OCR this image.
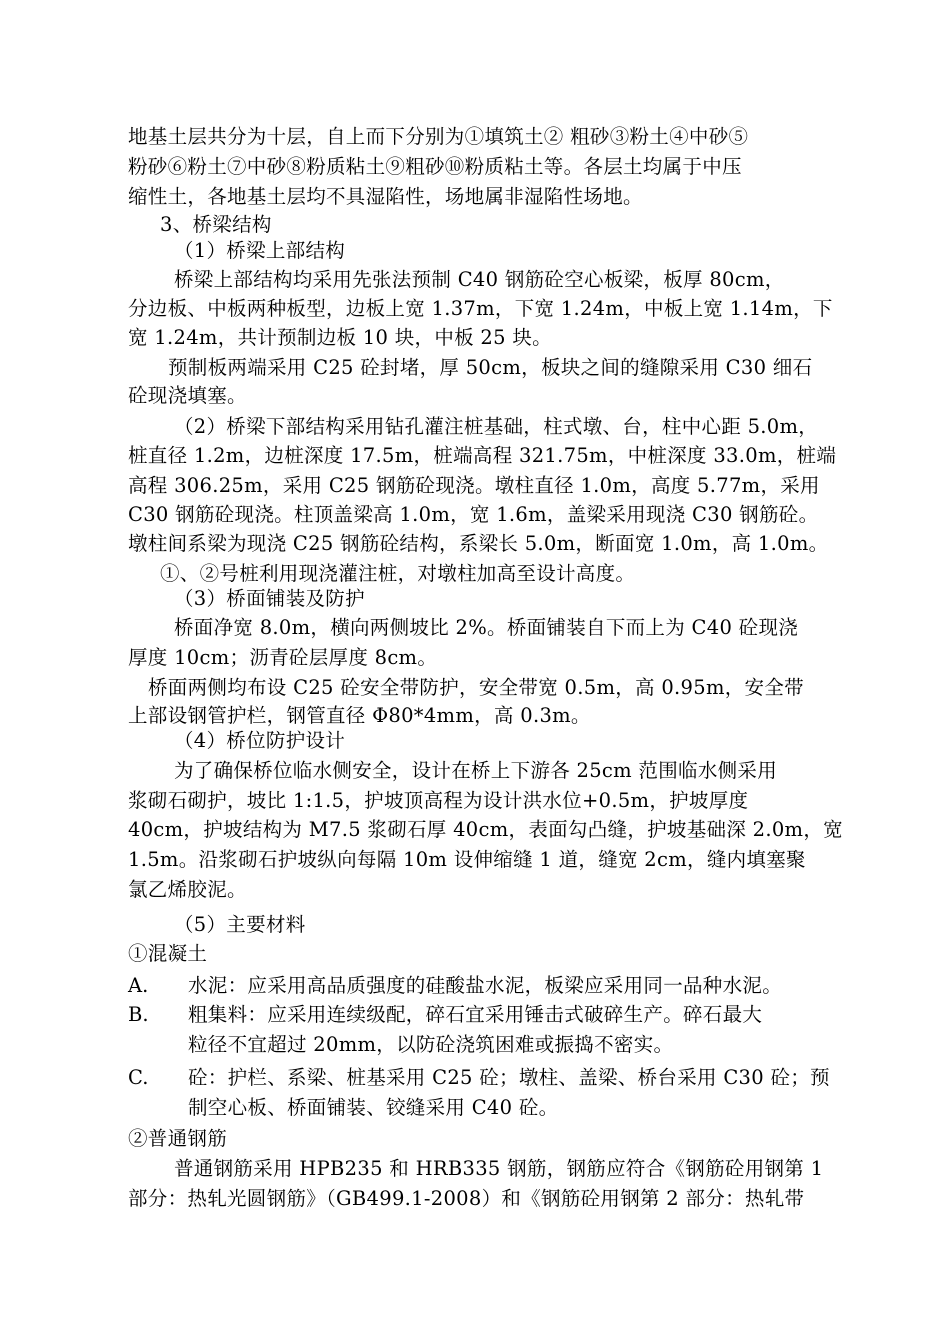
地基土层共分为十层，自上而下分别为①填筑土② 粗砂③粉土④中砂⑤
粉砂⑥粉土⑦中砂⑧粉质粘土⑨粗砂⑩粉质粘土等。各层土均属于中压
缩性土，各地基土层均不具湿陷性，场地属非湿陷性场地。
3、桥梁结构
（1）桥梁上部结构
桥梁上部结构均采用先张法预制 C40 钢筋砼空心板梁，板厚 80cm，
分边板、中板两种板型，边板上宽 1.37m，下宽 1.24m，中板上宽 1.14m，下
宽 1.24m，共计预制边板 10 块，中板 25 块。
预制板两端采用 C25 砼封堵，厚 50cm，板块之间的缝隙采用 C30 细石
砼现浇填塞。
（2）桥梁下部结构采用钻孔灌注桩基础，柱式墩、台，柱中心距 5.0m，
桩直径 1.2m，边桩深度 17.5m，桩端高程 321.75m，中桩深度 33.0m，桩端
高程 306.25m，采用 C25 钢筋砼现浇。墩柱直径 1.0m，高度 5.77m，采用
C30 钢筋砼现浇。柱顶盖梁高 1.0m，宽 1.6m，盖梁采用现浇 C30 钢筋砼。
墩柱间系梁为现浇 C25 钢筋砼结构，系梁长 5.0m，断面宽 1.0m，高 1.0m。
①、②号桩利用现浇灌注桩，对墩柱加高至设计高度。
（3）桥面铺装及防护
桥面净宽 8.0m，横向两侧坡比 2%。桥面铺装自下而上为 C40 砼现浇
厚度 10cm；沥青砼层厚度 8cm。
桥面两侧均布设 C25 砼安全带防护，安全带宽 0.5m，高 0.95m，安全带
上部设钢管护栏，钢管直径 Φ80*4mm，高 0.3m。
（4）桥位防护设计
为了确保桥位临水侧安全，设计在桥上下游各 25cm 范围临水侧采用
浆砌石砌护，坡比 1:1.5，护坡顶高程为设计洪水位+0.5m，护坡厚度
40cm，护坡结构为 M7.5 浆砌石厚 40cm，表面勾凸缝，护坡基础深 2.0m，宽
1.5m。沿浆砌石护坡纵向每隔 10m 设伸缩缝 1 道，缝宽 2cm，缝内填塞聚
氯乙烯胶泥。
（5）主要材料
①混凝土
A. 水泥：应采用高品质强度的硅酸盐水泥，板梁应采用同一品种水泥。
B. 粗集料：应采用连续级配，碎石宜采用锤击式破碎生产。碎石最大
粒径不宜超过 20mm，以防砼浇筑困难或振捣不密实。
C. 砼：护栏、系梁、桩基采用 C25 砼；墩柱、盖梁、桥台采用 C30 砼；预
制空心板、桥面铺装、铰缝采用 C40 砼。
②普通钢筋
普通钢筋采用 HPB235 和 HRB335 钢筋，钢筋应符合《钢筋砼用钢第 1
部分：热轧光圆钢筋》（GB499.1-2008）和《钢筋砼用钢第 2 部分：热轧带
